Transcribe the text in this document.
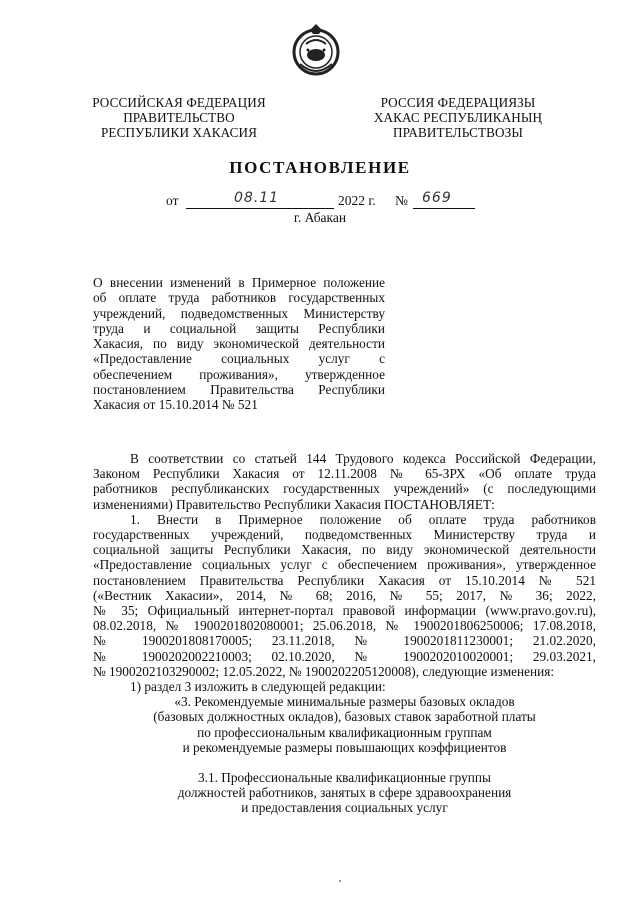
РОССИЙСКАЯ ФЕДЕРАЦИЯ
ПРАВИТЕЛЬСТВО
РЕСПУБЛИКИ ХАКАСИЯ
РОССИЯ ФЕДЕРАЦИЯЗЫ
ХАКАС РЕСПУБЛИКАНЫҢ
ПРАВИТЕЛЬСТВОЗЫ
ПОСТАНОВЛЕНИЕ
от	08.11	2022 г. № 669
г. Абакан
О внесении изменений в Примерное положение
об оплате труда работников государственных
учреждений, подведомственных Министерству
труда и социальной защиты Республики
Хакасия, по виду экономической деятельности
«Предоставление социальных услуг с
обеспечением проживания», утвержденное
постановлением Правительства Республики
Хакасия от 15.10.2014 № 521
В соответствии со статьей 144 Трудового кодекса Российской Федерации,
Законом Республики Хакасия от 12.11.2008 № 65-ЗРХ «Об оплате труда
работников республиканских государственных учреждений» (с последующими
изменениями) Правительство Республики Хакасия ПОСТАНОВЛЯЕТ:
1. Внести в Примерное положение об оплате труда работников
государственных учреждений, подведомственных Министерству труда и
социальной защиты Республики Хакасия, по виду экономической деятельности
«Предоставление социальных услуг с обеспечением проживания», утвержденное
постановлением Правительства Республики Хакасия от 15.10.2014 № 521
(«Вестник Хакасии», 2014, № 68; 2016, № 55; 2017, № 36; 2022,
№ 35; Официальный интернет-портал правовой информации (www.pravo.gov.ru),
08.02.2018, № 1900201802080001; 25.06.2018, № 1900201806250006; 17.08.2018,
№ 1900201808170005; 23.11.2018, № 1900201811230001; 21.02.2020,
№ 1900202002210003; 02.10.2020, № 1900202010020001; 29.03.2021,
№ 1900202103290002; 12.05.2022, № 1900202205120008), следующие изменения:
1) раздел 3 изложить в следующей редакции:
«3. Рекомендуемые минимальные размеры базовых окладов
(базовых должностных окладов), базовых ставок заработной платы
по профессиональным квалификационным группам
и рекомендуемые размеры повышающих коэффициентов
3.1. Профессиональные квалификационные группы
должностей работников, занятых в сфере здравоохранения
и предоставления социальных услуг
